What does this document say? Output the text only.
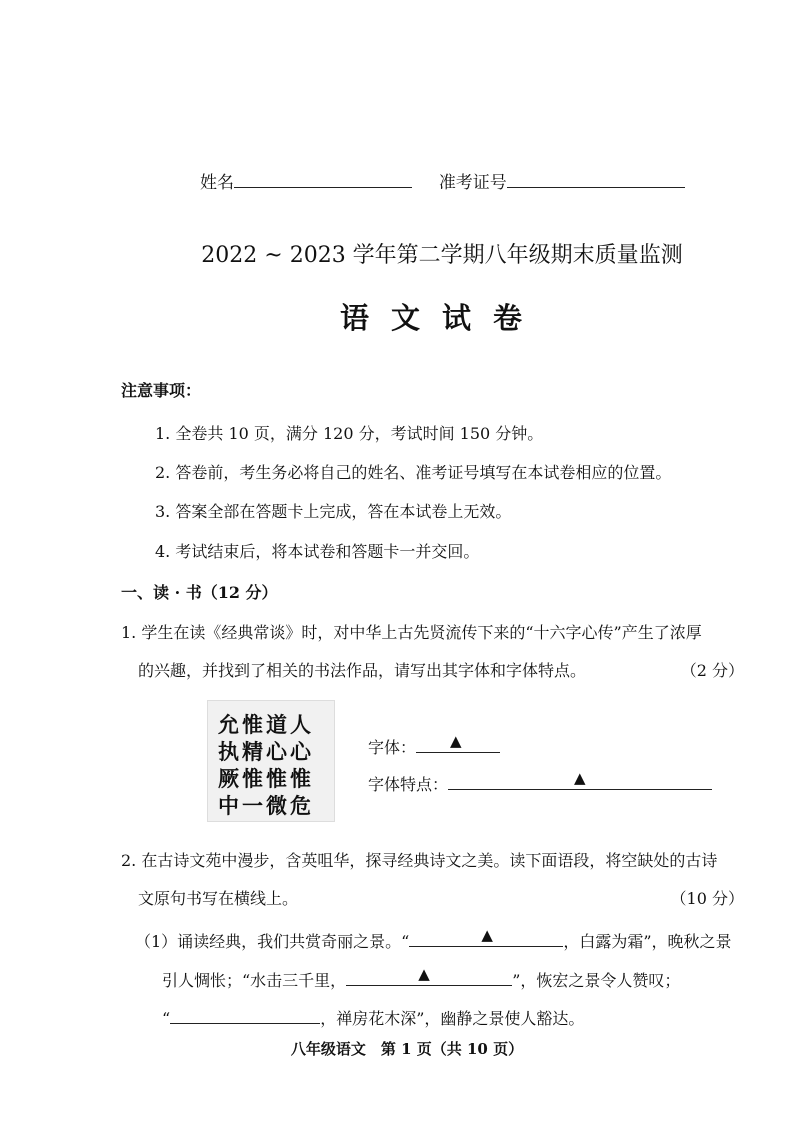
姓名	准考证号
2022 ~ 2023 学年第二学期八年级期末质量监测
语文试卷
注意事项：
1. 全卷共 10 页，满分 120 分，考试时间 150 分钟。
2. 答卷前，考生务必将自己的姓名、准考证号填写在本试卷相应的位置。
3. 答案全部在答题卡上完成，答在本试卷上无效。
4. 考试结束后，将本试卷和答题卡一并交回。
一、读 · 书（12 分）
1. 学生在读《经典常谈》时，对中华上古先贤流传下来的“十六字心传”产生了浓厚
的兴趣，并找到了相关的书法作品，请写出其字体和字体特点。	（2 分）
允惟道人
执精心心
厥惟惟惟
中一微危
字体： ▲
字体特点：	▲
2. 在古诗文苑中漫步，含英咀华，探寻经典诗文之美。读下面语段，将空缺处的古诗
文原句书写在横线上。	（10 分）
（1）诵读经典，我们共赏奇丽之景。“	▲	，白露为霜”，晚秋之景
引人惆怅；“水击三千里，	▲	”，恢宏之景令人赞叹；
“	，禅房花木深”，幽静之景使人豁达。
八年级语文　第 1 页（共 10 页）
